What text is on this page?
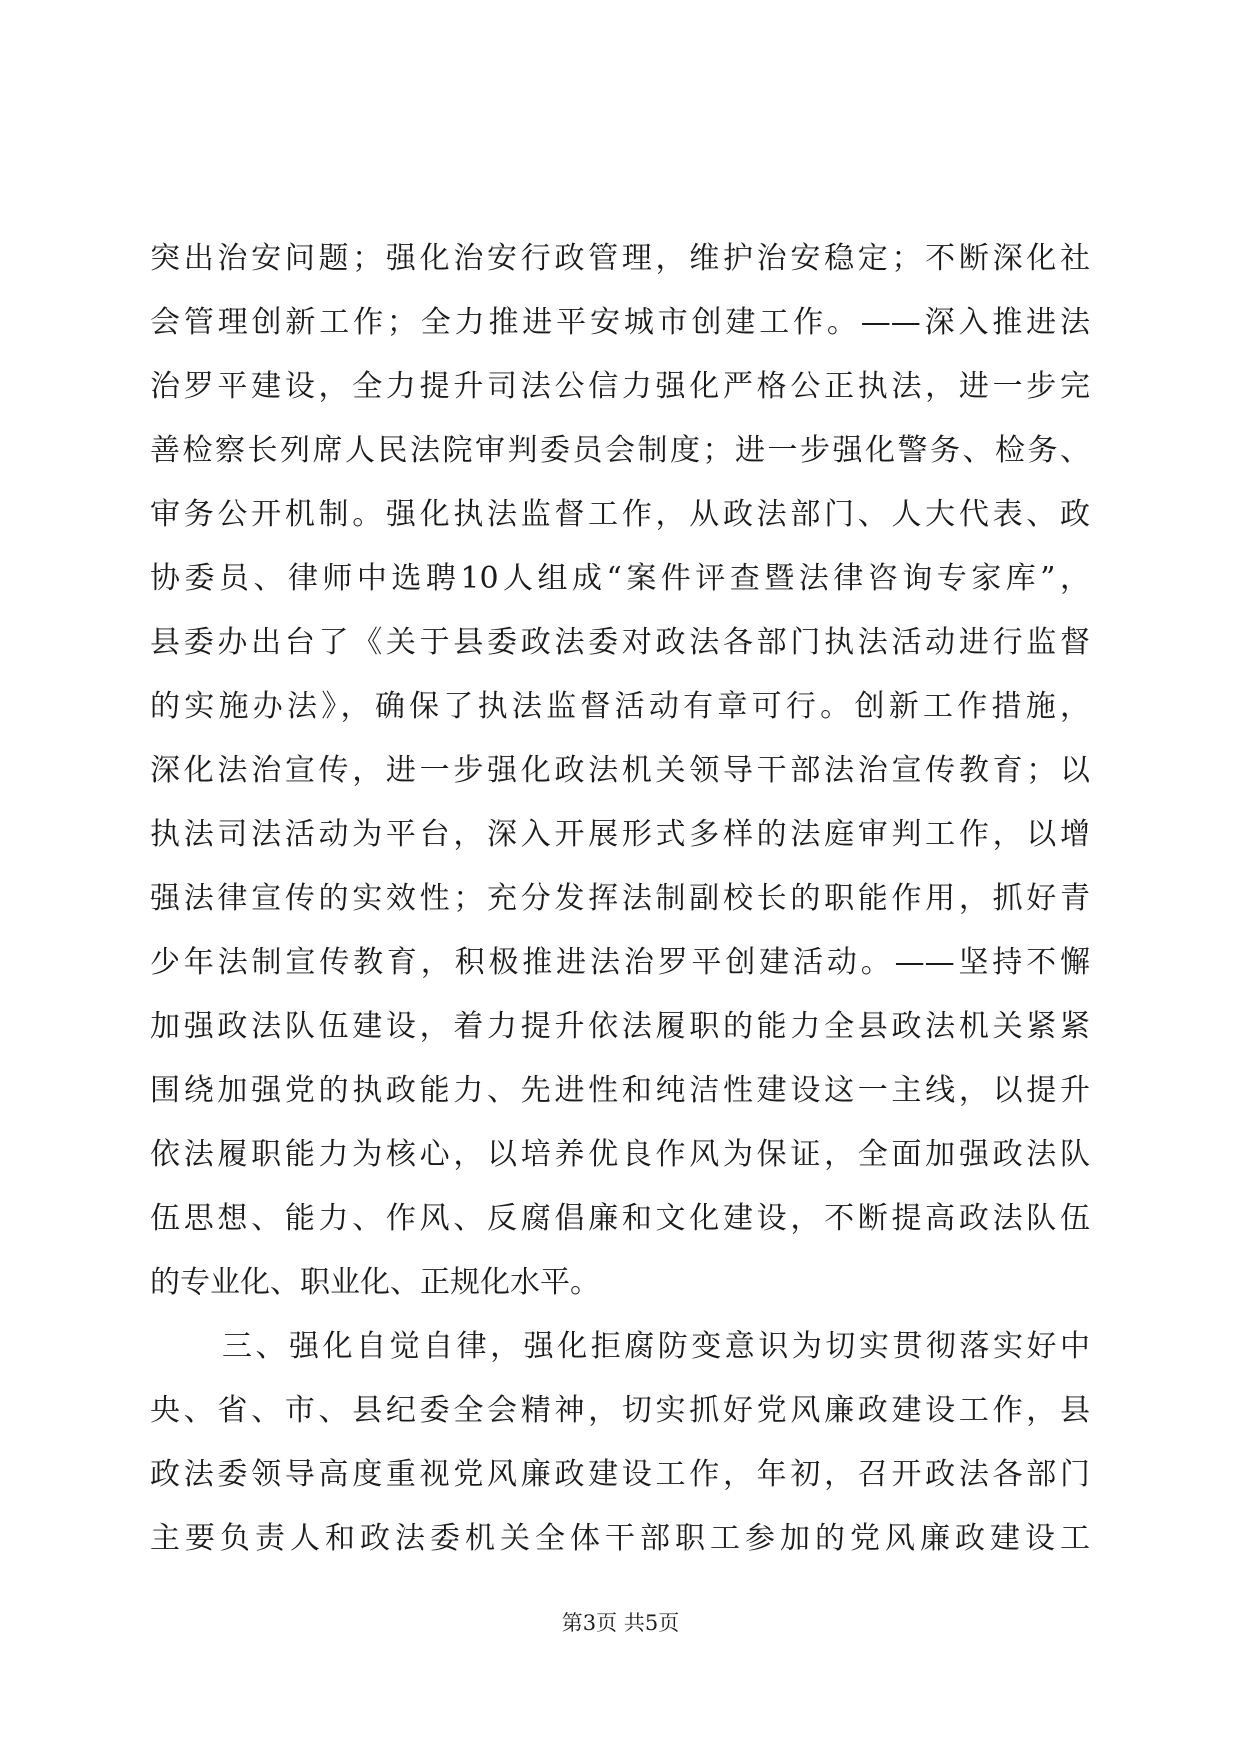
突出治安问题；强化治安行政管理，维护治安稳定；不断深化社
会管理创新工作；全力推进平安城市创建工作。——深入推进法
治罗平建设，全力提升司法公信力强化严格公正执法，进一步完
善检察长列席人民法院审判委员会制度；进一步强化警务、检务、
审务公开机制。强化执法监督工作，从政法部门、人大代表、政
协委员、律师中选聘10人组成“案件评查暨法律咨询专家库”，
县委办出台了《关于县委政法委对政法各部门执法活动进行监督
的实施办法》，确保了执法监督活动有章可行。创新工作措施，
深化法治宣传，进一步强化政法机关领导干部法治宣传教育；以
执法司法活动为平台，深入开展形式多样的法庭审判工作，以增
强法律宣传的实效性；充分发挥法制副校长的职能作用，抓好青
少年法制宣传教育，积极推进法治罗平创建活动。——坚持不懈
加强政法队伍建设，着力提升依法履职的能力全县政法机关紧紧
围绕加强党的执政能力、先进性和纯洁性建设这一主线，以提升
依法履职能力为核心，以培养优良作风为保证，全面加强政法队
伍思想、能力、作风、反腐倡廉和文化建设，不断提高政法队伍
的专业化、职业化、正规化水平。
三、强化自觉自律，强化拒腐防变意识为切实贯彻落实好中
央、省、市、县纪委全会精神，切实抓好党风廉政建设工作，县
政法委领导高度重视党风廉政建设工作，年初，召开政法各部门
主要负责人和政法委机关全体干部职工参加的党风廉政建设工
第3页 共5页
